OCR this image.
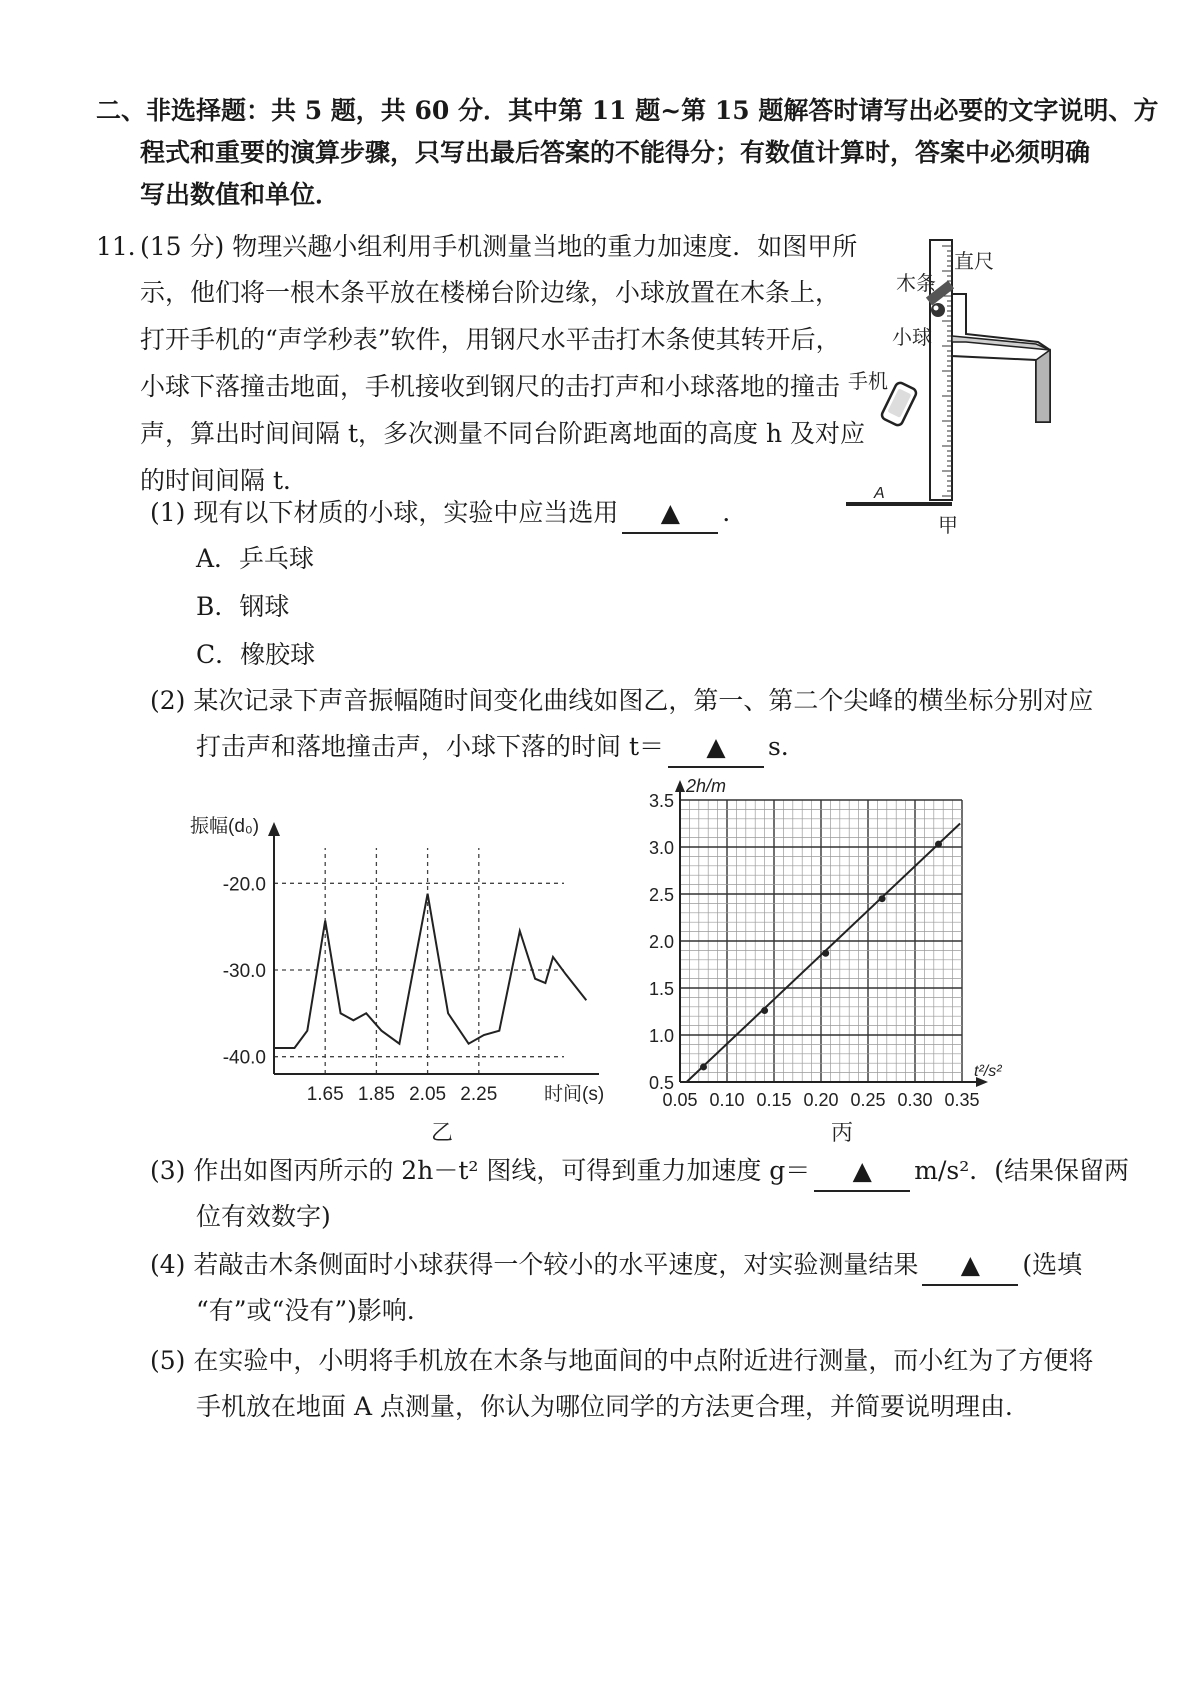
二、非选择题：共 5 题，共 60 分．其中第 11 题~第 15 题解答时请写出必要的文字说明、方
程式和重要的演算步骤，只写出最后答案的不能得分；有数值计算时，答案中必须明确
写出数值和单位．
11．
(15 分) 物理兴趣小组利用手机测量当地的重力加速度．如图甲所
示，他们将一根木条平放在楼梯台阶边缘，小球放置在木条上，
打开手机的“声学秒表”软件，用钢尺水平击打木条使其转开后，
小球下落撞击地面，手机接收到钢尺的击打声和小球落地的撞击
声，算出时间间隔 t，多次测量不同台阶距离地面的高度 h 及对应
的时间间隔 t．
直尺
木条
小球
手机
A
甲
(1) 现有以下材质的小球，实验中应当选用 ▲ ．
A．乒乓球
B．钢球
C．橡胶球
(2) 某次记录下声音振幅随时间变化曲线如图乙，第一、第二个尖峰的横坐标分别对应
打击声和落地撞击声，小球下落的时间 t＝ ▲ s．
-20.0
-30.0
-40.0
1.65 1.85 2.05 2.25
振幅(d₀)
时间(s)
乙
0.5
1.0
1.5
2.0
2.5
3.0
3.5
0.05 0.10 0.15 0.20 0.25 0.30 0.35
2h/m
t²/s²
丙
(3) 作出如图丙所示的 2h－t² 图线，可得到重力加速度 g＝ ▲ m/s²．(结果保留两
位有效数字)
(4) 若敲击木条侧面时小球获得一个较小的水平速度，对实验测量结果 ▲ (选填
“有”或“没有”)影响．
(5) 在实验中，小明将手机放在木条与地面间的中点附近进行测量，而小红为了方便将
手机放在地面 A 点测量，你认为哪位同学的方法更合理，并简要说明理由．
